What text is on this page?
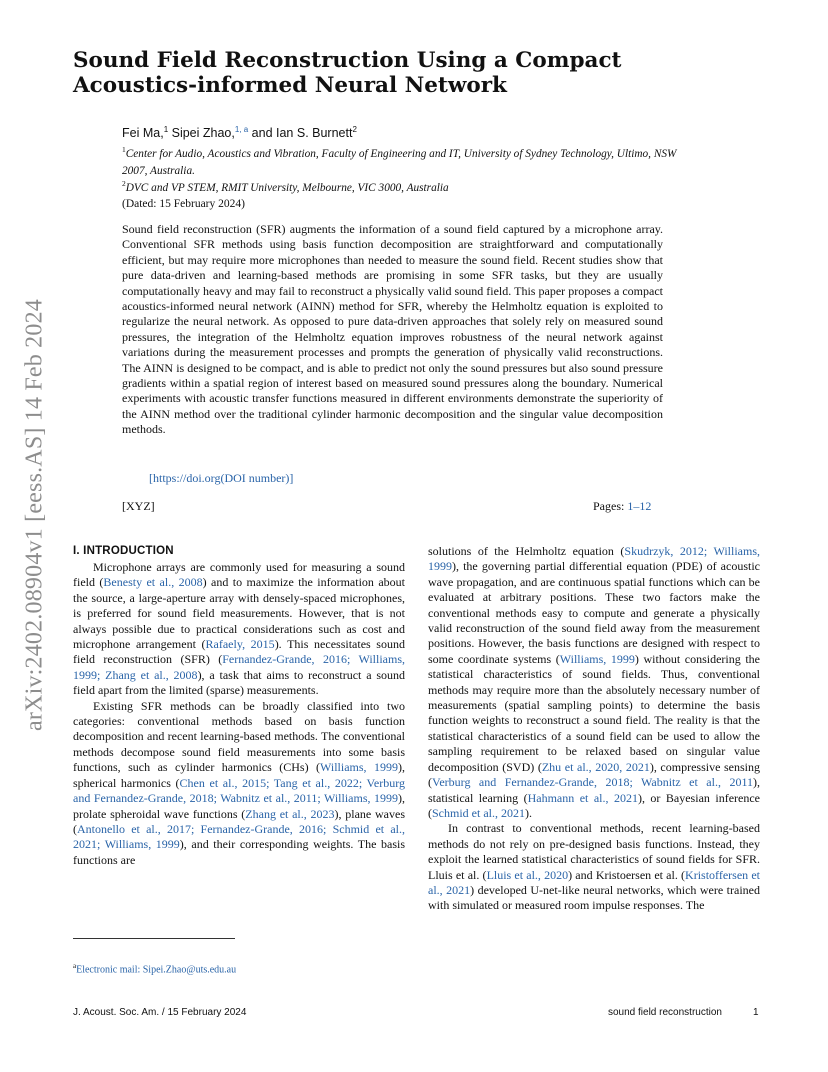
arXiv:2402.08904v1 [eess.AS] 14 Feb 2024
Sound Field Reconstruction Using a Compact Acoustics-informed Neural Network
Fei Ma,$^1$ Sipei Zhao,$^{1, a}$ and Ian S. Burnett$^2$
$^1$Center for Audio, Acoustics and Vibration, Faculty of Engineering and IT, University of Sydney Technology, Ultimo, NSW 2007, Australia.
$^2$DVC and VP STEM, RMIT University, Melbourne, VIC 3000, Australia
(Dated: 15 February 2024)

Sound field reconstruction (SFR) augments the information of a sound field captured by a microphone array. Conventional SFR methods using basis function decomposition are straightforward and computationally efficient, but may require more microphones than needed to measure the sound field. Recent studies show that pure data-driven and learning-based methods are promising in some SFR tasks, but they are usually computationally heavy and may fail to reconstruct a physically valid sound field. This paper proposes a compact acoustics-informed neural network (AINN) method for SFR, whereby the Helmholtz equation is exploited to regularize the neural network. As opposed to pure data-driven approaches that solely rely on measured sound pressures, the integration of the Helmholtz equation improves robustness of the neural network against variations during the measurement processes and prompts the generation of physically valid reconstructions. The AINN is designed to be compact, and is able to predict not only the sound pressures but also sound pressure gradients within a spatial region of interest based on measured sound pressures along the boundary. Numerical experiments with acoustic transfer functions measured in different environments demonstrate the superiority of the AINN method over the traditional cylinder harmonic decomposition and the singular value decomposition methods.

[https://doi.org(DOI number)]
[XYZ]	Pages: 1–12
I. INTRODUCTION

Microphone arrays are commonly used for measuring a sound field (Benesty et al., 2008) and to maximize the information about the source, a large-aperture array with densely-spaced microphones, is preferred for sound field measurements. However, that is not always possible due to practical considerations such as cost and microphone arrangement (Rafaely, 2015). This necessitates sound field reconstruction (SFR) (Fernandez-Grande, 2016; Williams, 1999; Zhang et al., 2008), a task that aims to reconstruct a sound field apart from the limited (sparse) measurements.

Existing SFR methods can be broadly classified into two categories: conventional methods based on basis function decomposition and recent learning-based methods. The conventional methods decompose sound field measurements into some basis functions, such as cylinder harmonics (CHs) (Williams, 1999), spherical harmonics (Chen et al., 2015; Tang et al., 2022; Verburg and Fernandez-Grande, 2018; Wabnitz et al., 2011; Williams, 1999), prolate spheroidal wave functions (Zhang et al., 2023), plane waves (Antonello et al., 2017; Fernandez-Grande, 2016; Schmid et al., 2021; Williams, 1999), and their corresponding weights. The basis functions are

solutions of the Helmholtz equation (Skudrzyk, 2012; Williams, 1999), the governing partial differential equation (PDE) of acoustic wave propagation, and are continuous spatial functions which can be evaluated at arbitrary positions. These two factors make the conventional methods easy to compute and generate a physically valid reconstruction of the sound field away from the measurement positions. However, the basis functions are designed with respect to some coordinate systems (Williams, 1999) without considering the statistical characteristics of sound fields. Thus, conventional methods may require more than the absolutely necessary number of measurements (spatial sampling points) to determine the basis function weights to reconstruct a sound field. The reality is that the statistical characteristics of a sound field can be used to allow the sampling requirement to be relaxed based on singular value decomposition (SVD) (Zhu et al., 2020, 2021), compressive sensing (Verburg and Fernandez-Grande, 2018; Wabnitz et al., 2011), statistical learning (Hahmann et al., 2021), or Bayesian inference (Schmid et al., 2021).

In contrast to conventional methods, recent learning-based methods do not rely on pre-designed basis functions. Instead, they exploit the learned statistical characteristics of sound fields for SFR. Lluis et al. (Lluis et al., 2020) and Kristoersen et al. (Kristoffersen et al., 2021) developed U-net-like neural networks, which were trained with simulated or measured room impulse responses. The

$^a$Electronic mail: Sipei.Zhao@uts.edu.au
J. Acoust. Soc. Am. / 15 February 2024	sound field reconstruction	1
